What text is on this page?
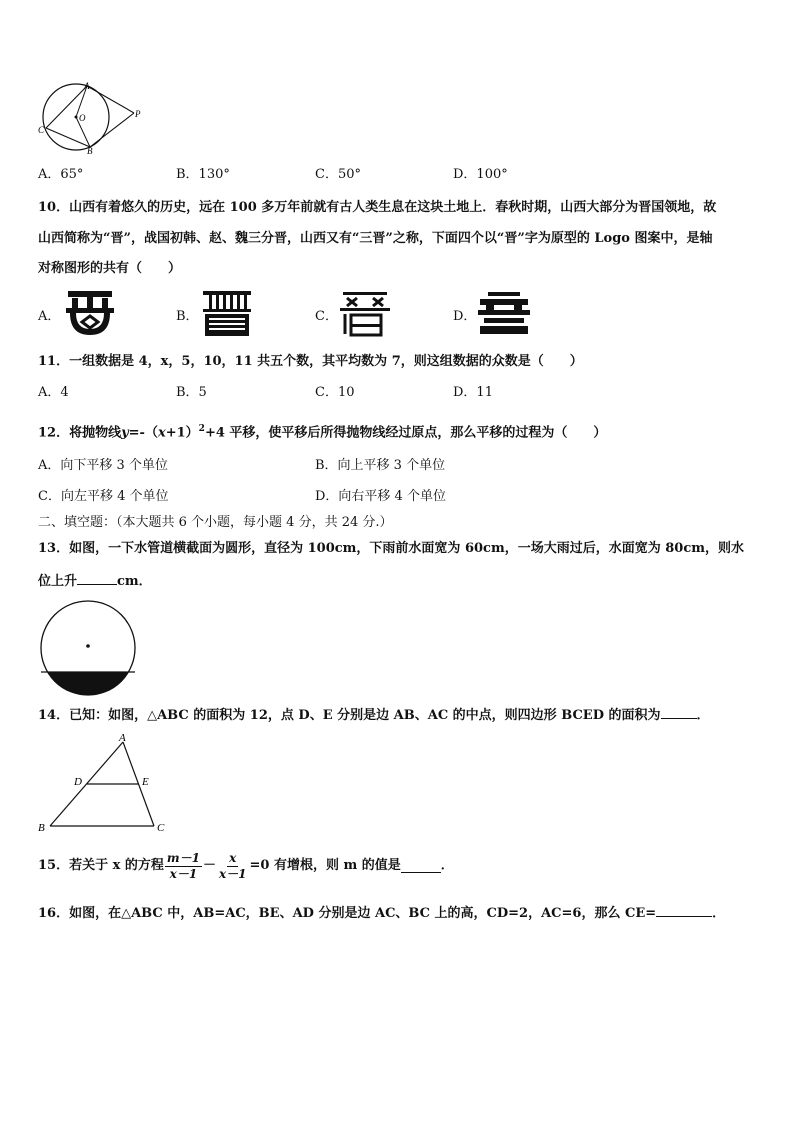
A
O
C
B
P
A．65°	B．130°	C．50°	D．100°
10．山西有着悠久的历史，远在 100 多万年前就有古人类生息在这块土地上．春秋时期，山西大部分为晋国领地，故
山西简称为“晋”，战国初韩、赵、魏三分晋，山西又有“三晋”之称，下面四个以“晋”字为原型的 Logo 图案中，是轴
对称图形的共有（　　）
A．	B．	C．	D．
11．一组数据是 4，x，5，10，11 共五个数，其平均数为 7，则这组数据的众数是（　　）
A．4	B．5	C．10	D．11
12．将抛物线$y=-(x+1)^2+4$ 平移，使平移后所得抛物线经过原点，那么平移的过程为（　　）
A．向下平移 3 个单位	B．向上平移 3 个单位
C．向左平移 4 个单位	D．向右平移 4 个单位
二、填空题：（本大题共 6 个小题，每小题 4 分，共 24 分.）
13．如图，一下水管道横截面为圆形，直径为 100cm，下雨前水面宽为 60cm，一场大雨过后，水面宽为 80cm，则水
位上升	cm．
14．已知：如图，△ABC 的面积为 12，点 D、E 分别是边 AB、AC 的中点，则四边形 BCED 的面积为	．
A
D	E
B	C
15．若关于 x 的方程 $\frac{m-1}{x-1} - \frac{x}{x-1} =0$ 有增根，则 m 的值是	．
16．如图，在△ABC 中，AB=AC，BE、AD 分别是边 AC、BC 上的高，CD=2，AC=6，那么 CE=	．
